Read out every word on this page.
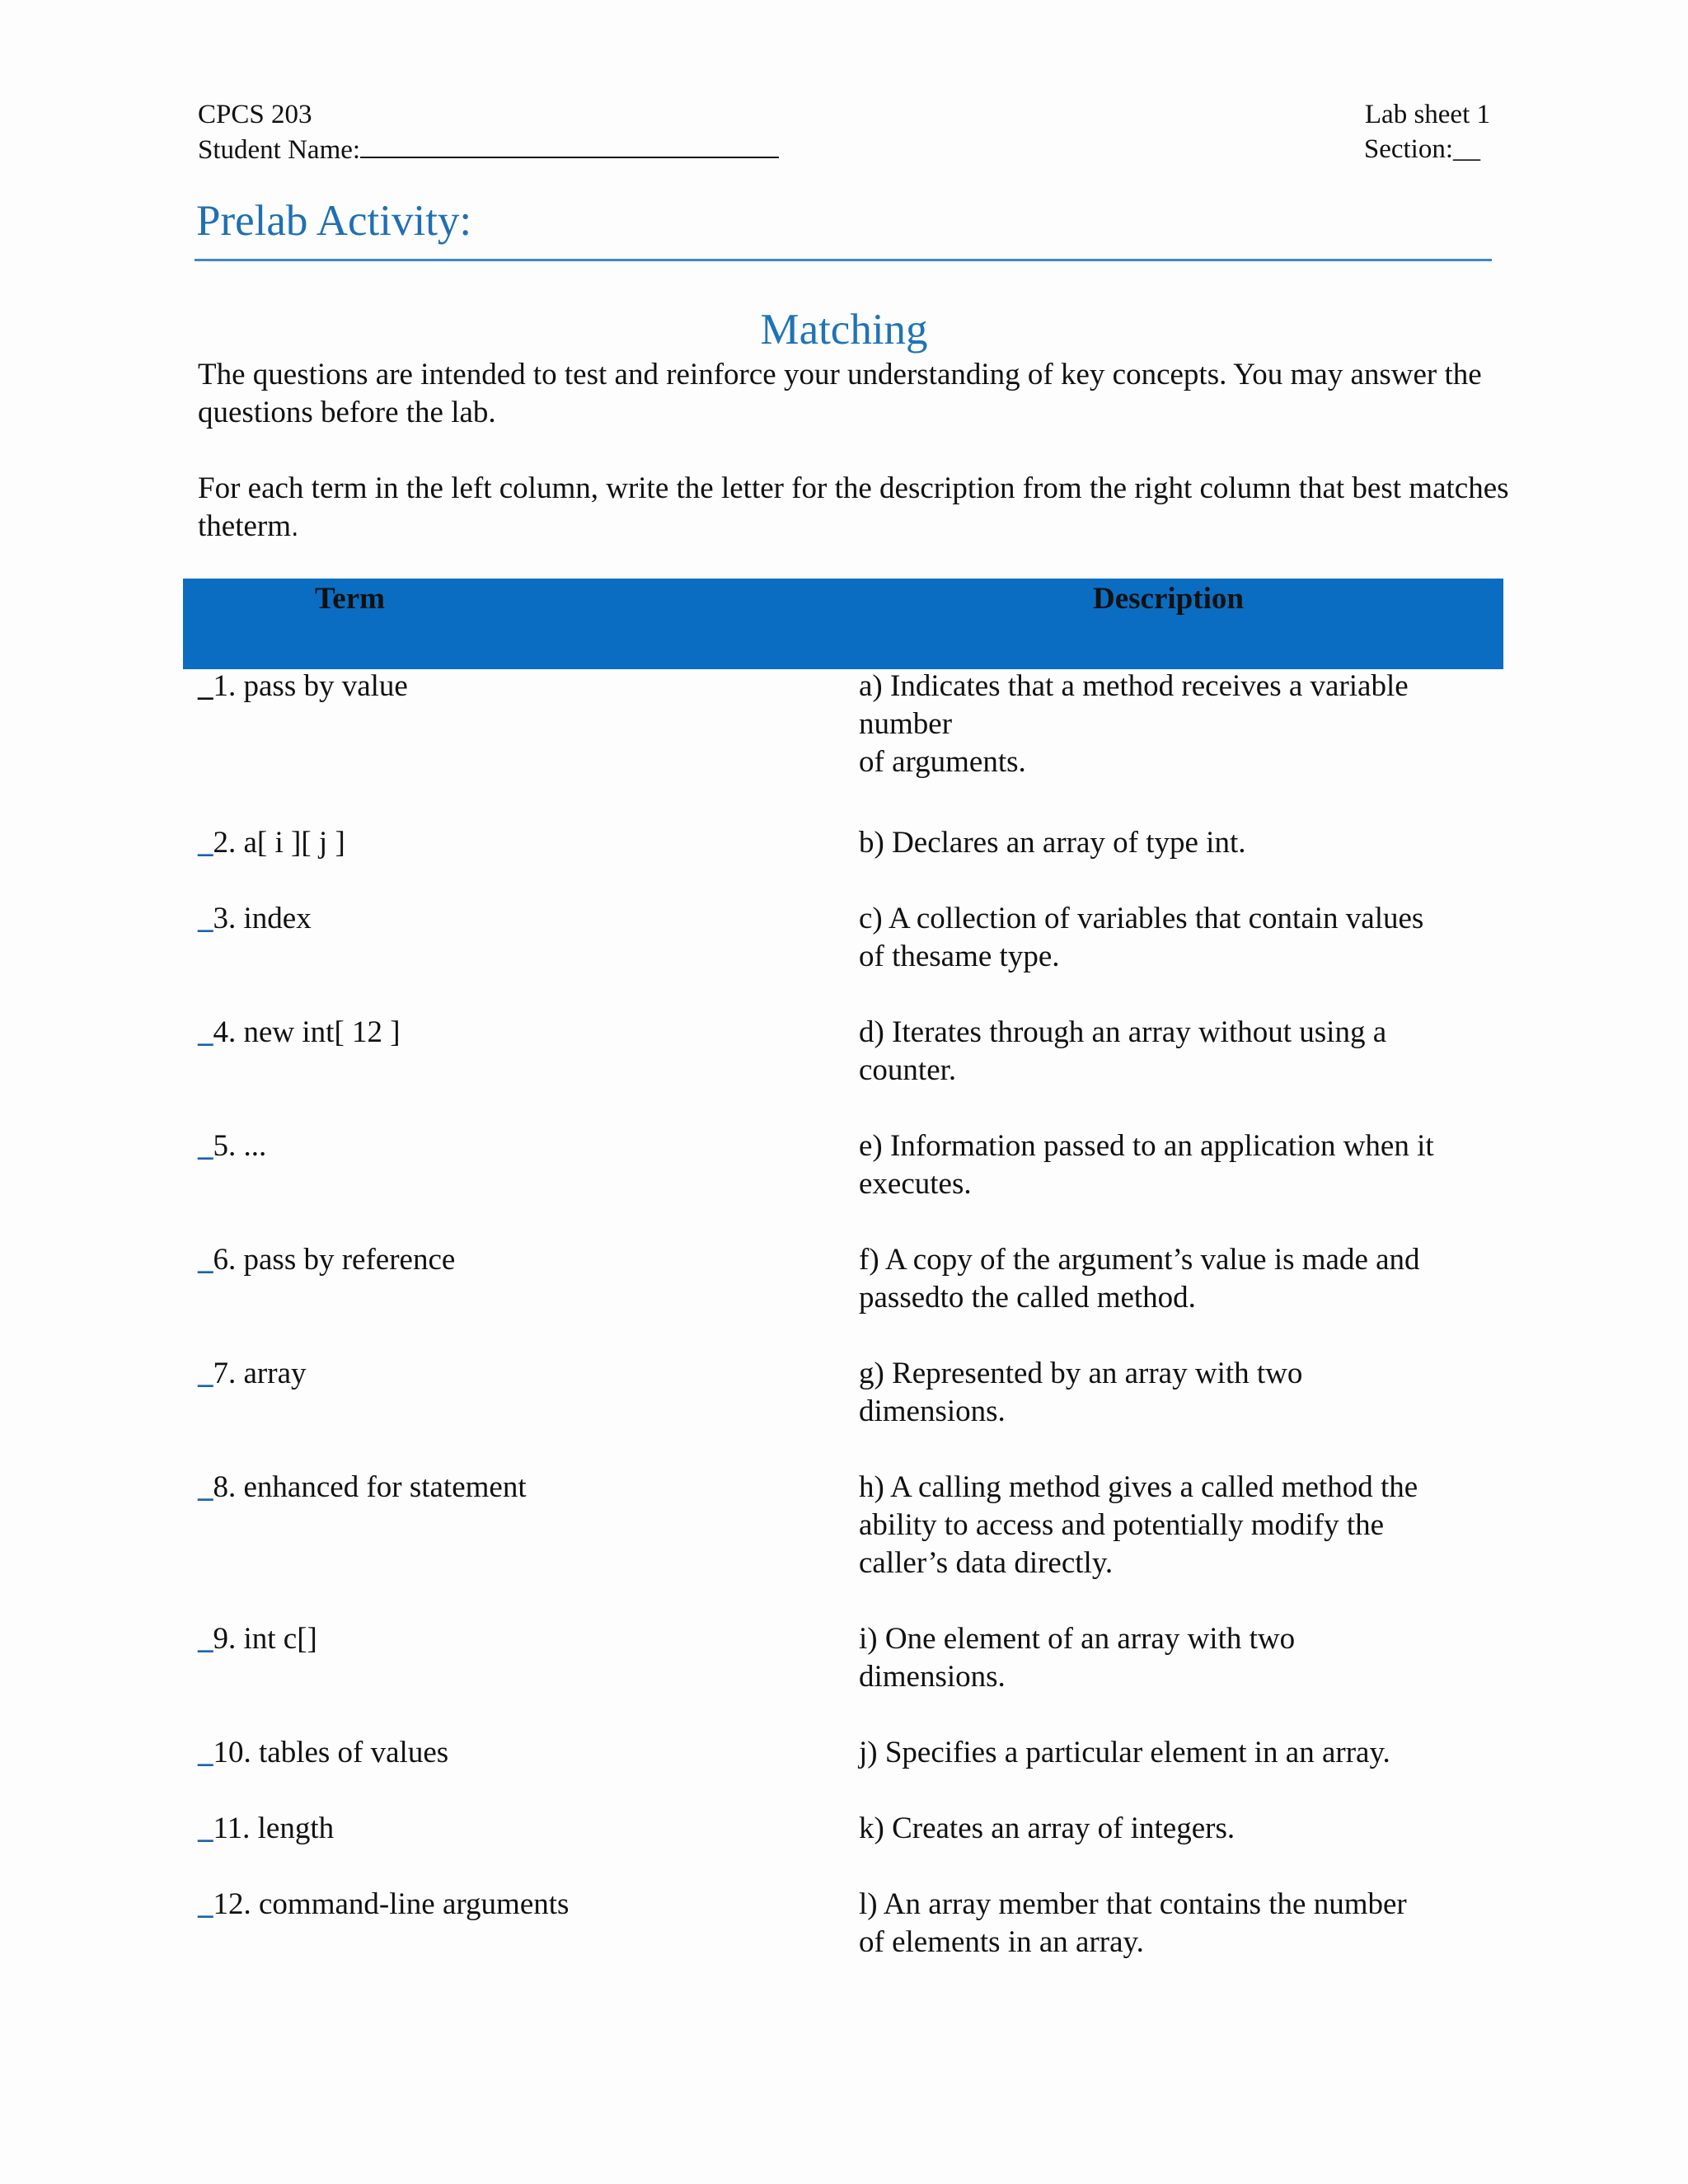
CPCS 203
Student Name:
Lab sheet 1
Section:__
Prelab Activity:
Matching
The questions are intended to test and reinforce your understanding of key concepts. You may answer the questions before the lab.
For each term in the left column, write the letter for the description from the right column that best matches theterm.
Term	Description
_1. pass by value	a) Indicates that a method receives a variable
number
of arguments.
_2. a[ i ][ j ]	b) Declares an array of type int.
_3. index	c) A collection of variables that contain values
of thesame type.
_4. new int[ 12 ]	d) Iterates through an array without using a
counter.
_5. ...	e) Information passed to an application when it
executes.
_6. pass by reference	f) A copy of the argument’s value is made and
passedto the called method.
_7. array	g) Represented by an array with two
dimensions.
_8. enhanced for statement	h) A calling method gives a called method the
ability to access and potentially modify the
caller’s data directly.
_9. int c[]	i) One element of an array with two
dimensions.
_10. tables of values	j) Specifies a particular element in an array.
_11. length	k) Creates an array of integers.
_12. command-line arguments	l) An array member that contains the number
of elements in an array.
